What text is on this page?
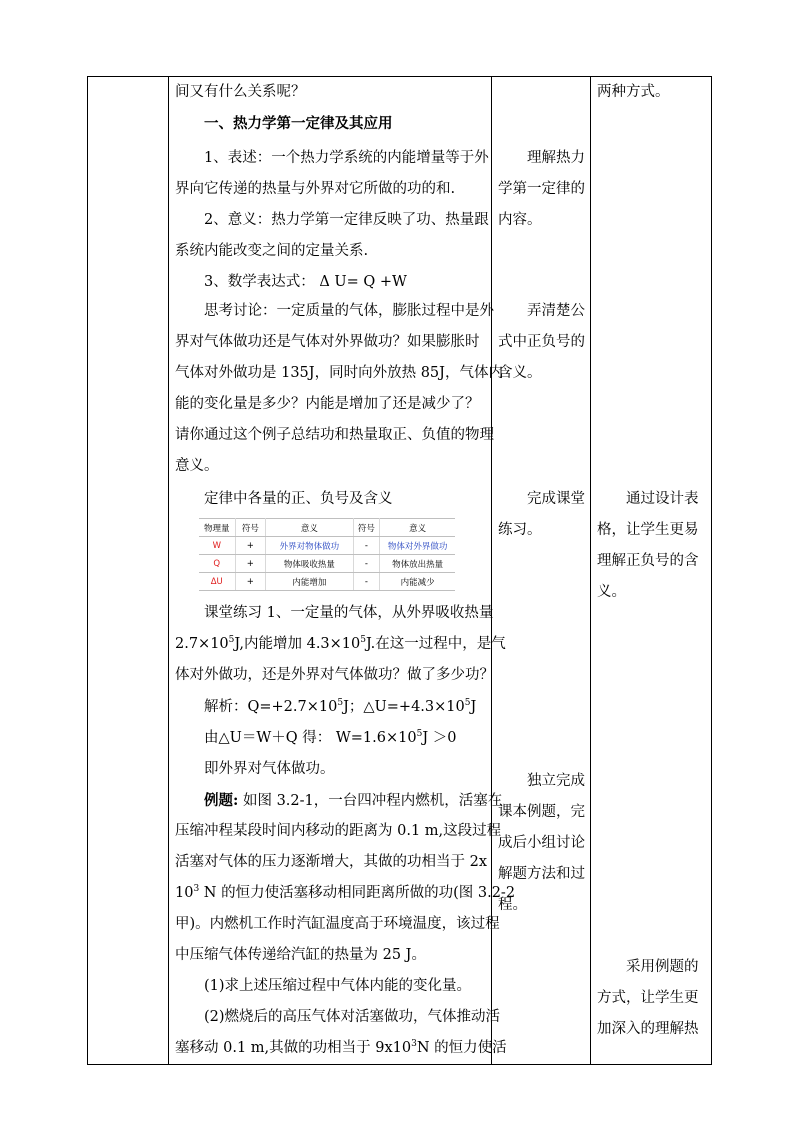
间又有什么关系呢？
一、热力学第一定律及其应用
1、表述：一个热力学系统的内能增量等于外
界向它传递的热量与外界对它所做的功的和.
2、意义：热力学第一定律反映了功、热量跟
系统内能改变之间的定量关系.
3、数学表达式： Δ U= Q +W
思考讨论：一定质量的气体，膨胀过程中是外
界对气体做功还是气体对外界做功？如果膨胀时
气体对外做功是 135J，同时向外放热 85J，气体内
能的变化量是多少？内能是增加了还是减少了？
请你通过这个例子总结功和热量取正、负值的物理
意义。
定律中各量的正、负号及含义
物理量	符号	意义	符号	意义
W	+	外界对物体做功	-	物体对外界做功
Q	+	物体吸收热量	-	物体放出热量
ΔU	+	内能增加	-	内能减少
课堂练习 1、一定量的气体，从外界吸收热量
$2.7\times 10^5J$,内能增加 $4.3\times 10^5J$.在这一过程中，是气
体对外做功，还是外界对气体做功？做了多少功？
解析：$Q=+2.7\times 10^5J$；$\triangle U=+4.3\times 10^5J$
由△U＝W＋Q 得： $W=1.6\times 10^5J >0$
即外界对气体做功。
例题: 如图 3.2-1，一台四冲程内燃机，活塞在
压缩冲程某段时间内移动的距离为 0.1 m,这段过程
活塞对气体的压力逐渐增大，其做的功相当于 2x
$10^3$ N 的恒力使活塞移动相同距离所做的功(图 3.2-2
甲)。内燃机工作时汽缸温度高于环境温度，该过程
中压缩气体传递给汽缸的热量为 25 J。
(1)求上述压缩过程中气体内能的变化量。
(2)燃烧后的高压气体对活塞做功，气体推动活
塞移动 0.1 m,其做的功相当于 $9x10^3N$ 的恒力使活

理解热力
学第一定律的
内容。
弄清楚公
式中正负号的
含义。
完成课堂
练习。
独立完成
课本例题，完
成后小组讨论
解题方法和过
程。

两种方式。
通过设计表
格，让学生更易
理解正负号的含
义。
采用例题的
方式，让学生更
加深入的理解热
